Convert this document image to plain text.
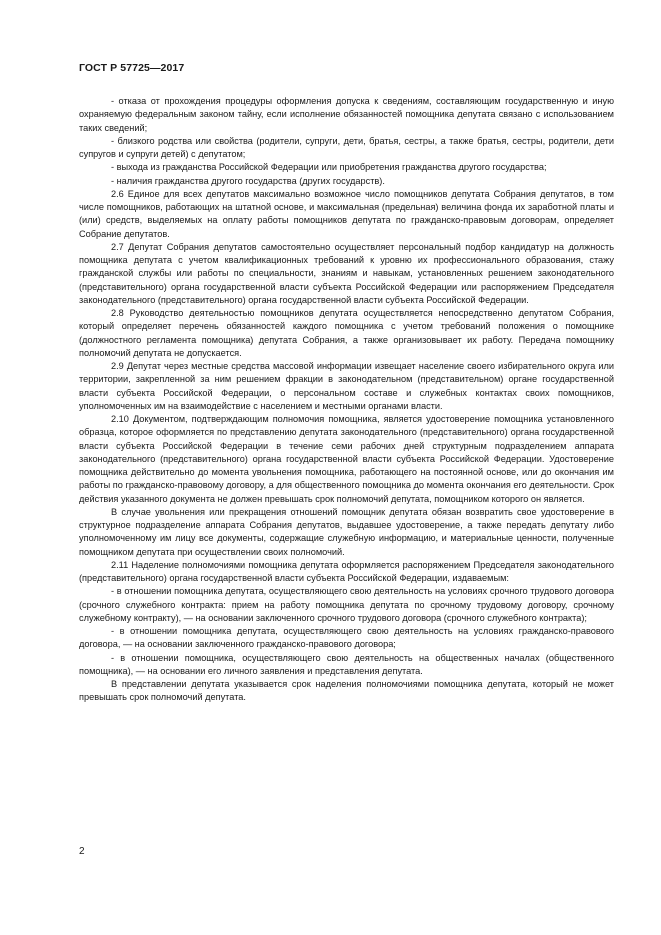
ГОСТ Р 57725—2017

- отказа от прохождения процедуры оформления допуска к сведениям, составляющим государственную и иную охраняемую федеральным законом тайну, если исполнение обязанностей помощника депутата связано с использованием таких сведений;

- близкого родства или свойства (родители, супруги, дети, братья, сестры, а также братья, сестры, родители, дети супругов и супруги детей) с депутатом;

- выхода из гражданства Российской Федерации или приобретения гражданства другого государства;

- наличия гражданства другого государства (других государств).

2.6 Единое для всех депутатов максимально возможное число помощников депутата Собрания депутатов, в том числе помощников, работающих на штатной основе, и максимальная (предельная) величина фонда их заработной платы и (или) средств, выделяемых на оплату работы помощников депутата по гражданско-правовым договорам, определяет Собрание депутатов.

2.7 Депутат Собрания депутатов самостоятельно осуществляет персональный подбор кандидатур на должность помощника депутата с учетом квалификационных требований к уровню их профессионального образования, стажу гражданской службы или работы по специальности, знаниям и навыкам, установленных решением законодательного (представительного) органа государственной власти субъекта Российской Федерации или распоряжением Председателя законодательного (представительного) органа государственной власти субъекта Российской Федерации.

2.8 Руководство деятельностью помощников депутата осуществляется непосредственно депутатом Собрания, который определяет перечень обязанностей каждого помощника с учетом требований положения о помощнике (должностного регламента помощника) депутата Собрания, а также организовывает их работу. Передача помощнику полномочий депутата не допускается.

2.9 Депутат через местные средства массовой информации извещает население своего избирательного округа или территории, закрепленной за ним решением фракции в законодательном (представительном) органе государственной власти субъекта Российской Федерации, о персональном составе и служебных контактах своих помощников, уполномоченных им на взаимодействие с населением и местными органами власти.

2.10 Документом, подтверждающим полномочия помощника, является удостоверение помощника установленного образца, которое оформляется по представлению депутата законодательного (представительного) органа государственной власти субъекта Российской Федерации в течение семи рабочих дней структурным подразделением аппарата законодательного (представительного) органа государственной власти субъекта Российской Федерации. Удостоверение помощника действительно до момента увольнения помощника, работающего на постоянной основе, или до окончания им работы по гражданско-правовому договору, а для общественного помощника до момента окончания его деятельности. Срок действия указанного документа не должен превышать срок полномочий депутата, помощником которого он является.

В случае увольнения или прекращения отношений помощник депутата обязан возвратить свое удостоверение в структурное подразделение аппарата Собрания депутатов, выдавшее удостоверение, а также передать депутату либо уполномоченному им лицу все документы, содержащие служебную информацию, и материальные ценности, полученные помощником депутата при осуществлении своих полномочий.

2.11 Наделение полномочиями помощника депутата оформляется распоряжением Председателя законодательного (представительного) органа государственной власти субъекта Российской Федерации, издаваемым:

- в отношении помощника депутата, осуществляющего свою деятельность на условиях срочного трудового договора (срочного служебного контракта: прием на работу помощника депутата по срочному трудовому договору, срочному служебному контракту), — на основании заключенного срочного трудового договора (срочного служебного контракта);

- в отношении помощника депутата, осуществляющего свою деятельность на условиях гражданско-правового договора, — на основании заключенного гражданско-правового договора;

- в отношении помощника, осуществляющего свою деятельность на общественных началах (общественного помощника), — на основании его личного заявления и представления депутата.

В представлении депутата указывается срок наделения полномочиями помощника депутата, который не может превышать срок полномочий депутата.

2
